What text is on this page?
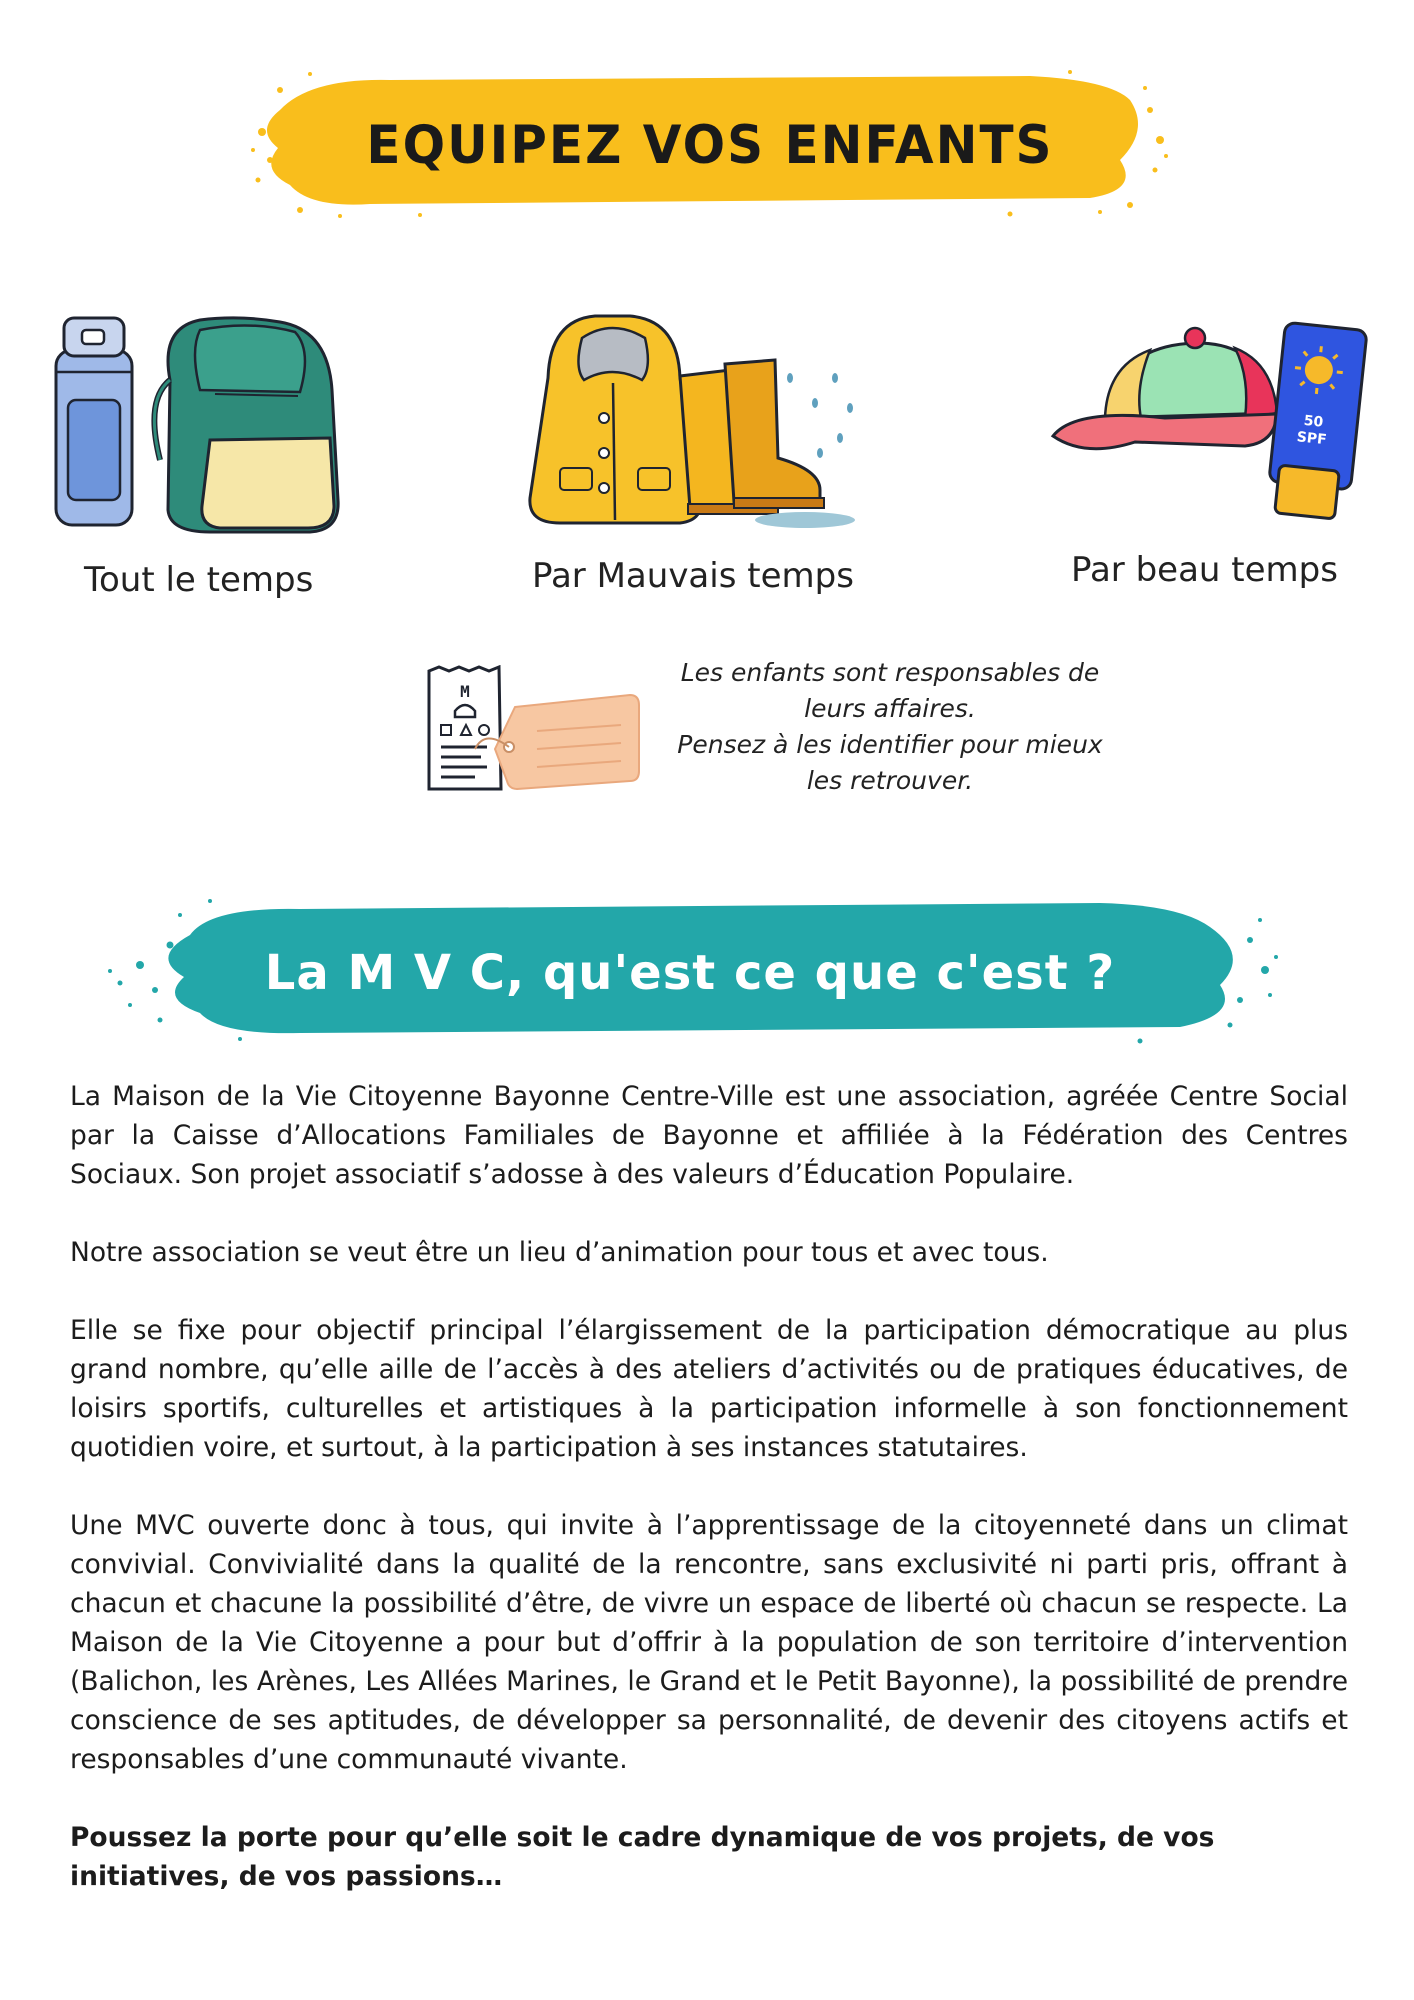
EQUIPEZ VOS ENFANTS
Tout le temps	Par Mauvais temps
50
SPF
Par beau temps
M
Les enfants sont responsables de
leurs affaires.
Pensez à les identifier pour mieux
les retrouver.
La M V C, qu'est ce que c'est ?

La Maison de la Vie Citoyenne Bayonne Centre-Ville est une association, agréée Centre Social par la Caisse d’Allocations Familiales de Bayonne et affiliée à la Fédération des Centres Sociaux. Son projet associatif s’adosse à des valeurs d’Éducation Populaire.

Notre association se veut être un lieu d’animation pour tous et avec tous.

Elle se fixe pour objectif principal l’élargissement de la participation démocratique au plus grand nombre, qu’elle aille de l’accès à des ateliers d’activités ou de pratiques éducatives, de loisirs sportifs, culturelles et artistiques à la participation informelle à son fonctionnement quotidien voire, et surtout, à la participation à ses instances statutaires.

Une MVC ouverte donc à tous, qui invite à l’apprentissage de la citoyenneté dans un climat convivial. Convivialité dans la qualité de la rencontre, sans exclusivité ni parti pris, offrant à chacun et chacune la possibilité d’être, de vivre un espace de liberté où chacun se respecte. La Maison de la Vie Citoyenne a pour but d’offrir à la population de son territoire d’intervention (Balichon, les Arènes, Les Allées Marines, le Grand et le Petit Bayonne), la possibilité de prendre conscience de ses aptitudes, de développer sa personnalité, de devenir des citoyens actifs et responsables d’une communauté vivante.

Poussez la porte pour qu’elle soit le cadre dynamique de vos projets, de vos initiatives, de vos passions…
